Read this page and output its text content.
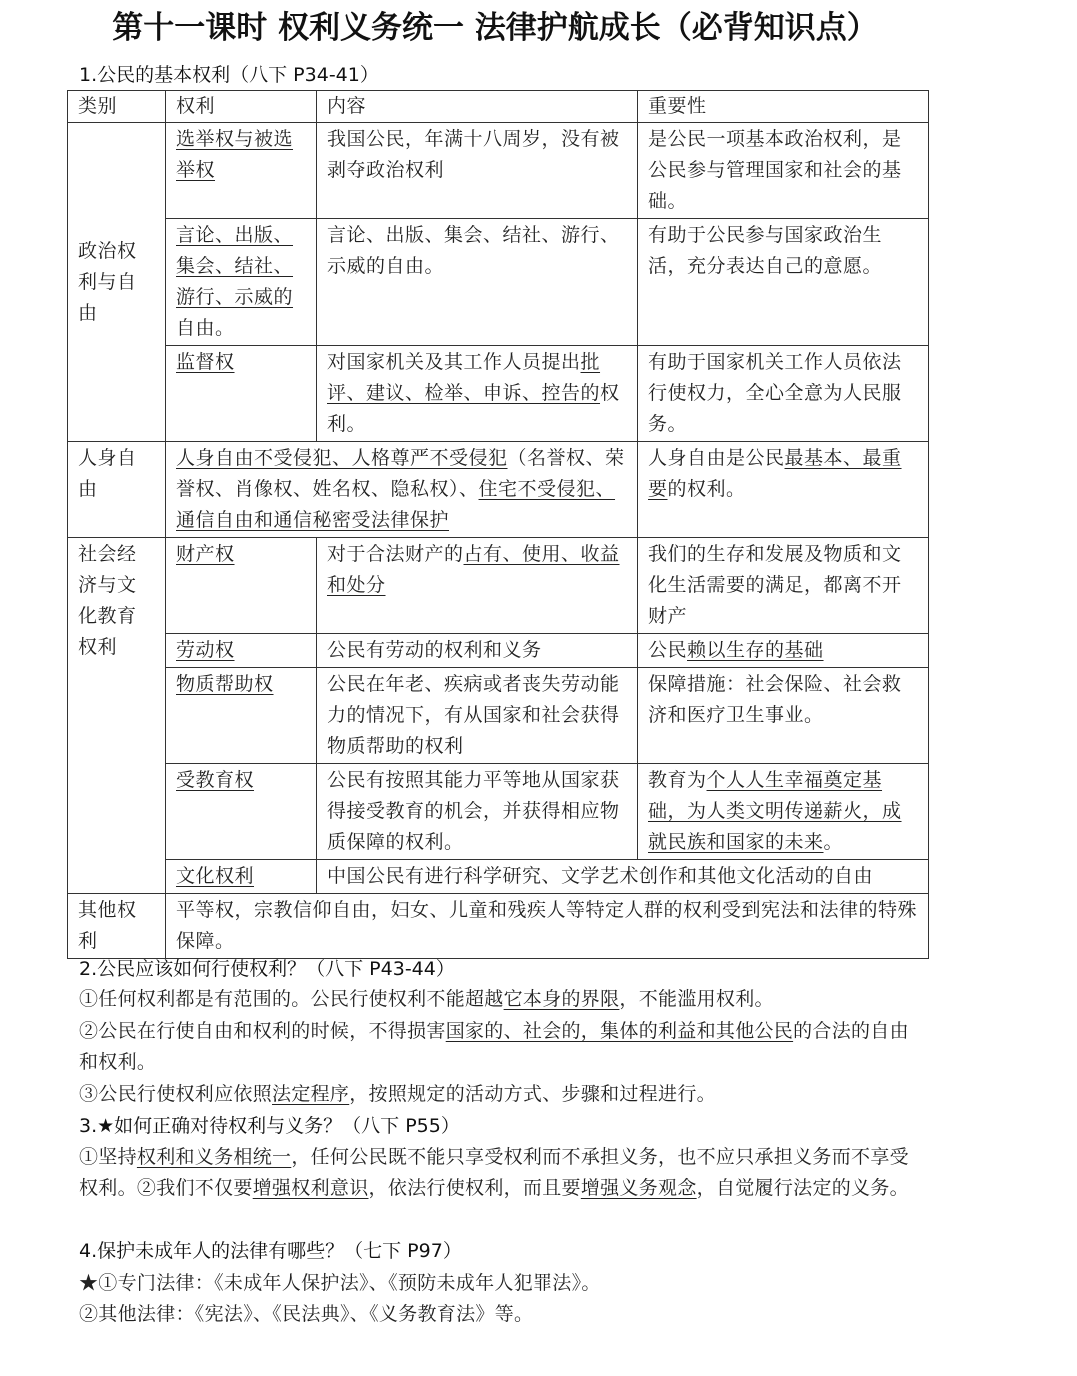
第十一课时 权利义务统一 法律护航成长（必背知识点）
1.公民的基本权利（八下 P34-41）
类别	权利	内容	重要性
政治权利与自由	选举权与被选举权	我国公民，年满十八周岁，没有被剥夺政治权利	是公民一项基本政治权利，是公民参与管理国家和社会的基础。
	言论、出版、集会、结社、游行、示威的自由。	言论、出版、集会、结社、游行、示威的自由。	有助于公民参与国家政治生活，充分表达自己的意愿。
	监督权	对国家机关及其工作人员提出批评、建议、检举、申诉、控告的权利。	有助于国家机关工作人员依法行使权力，全心全意为人民服务。
人身自由	人身自由不受侵犯、人格尊严不受侵犯（名誉权、荣誉权、肖像权、姓名权、隐私权）、住宅不受侵犯、通信自由和通信秘密受法律保护		人身自由是公民最基本、最重要的权利。
社会经济与文化教育权利	财产权	对于合法财产的占有、使用、收益和处分	我们的生存和发展及物质和文化生活需要的满足，都离不开财产
	劳动权	公民有劳动的权利和义务	公民赖以生存的基础
	物质帮助权	公民在年老、疾病或者丧失劳动能力的情况下，有从国家和社会获得物质帮助的权利	保障措施：社会保险、社会救济和医疗卫生事业。
	受教育权	公民有按照其能力平等地从国家获得接受教育的机会，并获得相应物质保障的权利。	教育为个人人生幸福奠定基础，为人类文明传递薪火，成就民族和国家的未来。
	文化权利	中国公民有进行科学研究、文学艺术创作和其他文化活动的自由	
其他权利	平等权，宗教信仰自由，妇女、儿童和残疾人等特定人群的权利受到宪法和法律的特殊保障。		
2.公民应该如何行使权利？（八下 P43-44）
①任何权利都是有范围的。公民行使权利不能超越它本身的界限，不能滥用权利。
②公民在行使自由和权利的时候，不得损害国家的、社会的，集体的利益和其他公民的合法的自由和权利。
③公民行使权利应依照法定程序，按照规定的活动方式、步骤和过程进行。
3.★如何正确对待权利与义务？（八下 P55）
①坚持权利和义务相统一，任何公民既不能只享受权利而不承担义务，也不应只承担义务而不享受权利。②我们不仅要增强权利意识，依法行使权利，而且要增强义务观念，自觉履行法定的义务。
4.保护未成年人的法律有哪些？（七下 P97）
★①专门法律：《未成年人保护法》、《预防未成年人犯罪法》。
②其他法律：《宪法》、《民法典》、《义务教育法》等。
